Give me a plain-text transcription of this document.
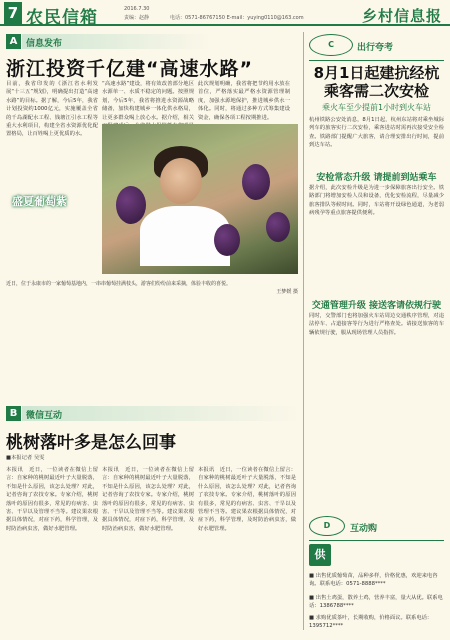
7 农民信箱	2016.7.30
责编：赵静	电话：0571-86767150 E-mail：yuying0110@163.com	乡村信息报
A 信息发布
浙江投资千亿建“高速水路”
目前，我省印发的《浙江省水利发展“十三五”规划》，明确提出打造“高速水路”的目标。据了解，今后5年，我省计划投资约1000亿元，实施覆盖全省的千岛湖配水工程、钱塘江引水工程等重大水利项目，构建全省水资源优化配置格局，让百姓喝上更优质的水。
“高速水路”建设，将有效改善部分地区水源单一、水质不稳定的问题。按照规划，今后5年，我省将推进水资源战略储备，加快构建城乡一体化供水格局，让更多群众喝上放心水。据介绍，相关
此次规划明确，我省将把节约用水放在首位，严格落实最严格水资源管理制度，加强水源地保护，推进城乡供水一体化。同时，将通过多种方式筹集建设资金，确保各项工程按期推进。
盛夏葡萄紫
近日，位于永康市的一家葡萄基地内，一串串葡萄挂满枝头，游客们纷纷前来采摘，体验丰收的喜悦。
王梦媛 摄
C	出行夸考
8月1日起建抗经杭乘客需二次安检
乘火车至少提前1小时到火车站
杭州铁路公安处消息，8月1日起，杭州东站将对乘坐城际列车的旅客实行二次安检，乘客进站时需再次接受安全检查。铁路部门提醒广大旅客，请合理安排出行时间，提前到达车站。
安检常态升级 请提前到站乘车
据介绍，此次安检升级是为进一步保障旅客出行安全。铁路部门将增加安检人员和设备，优化安检流程，尽量减少旅客排队等候时间。同时，车站将开设绿色通道，为老弱病残孕等重点旅客提供便利。
交通管理升级 接送客请依规行驶
同时，交警部门也将加强火车站周边交通秩序管理，对违法停车、占道接客等行为进行严格查处。请接送旅客的车辆依规行驶，服从现场管理人员指挥。
B 微信互动
桃树落叶多是怎么回事
■本报记者 吴雯
本报讯　近日，一位读者在微信上留言：自家种的桃树最近叶子大量脱落，不知是什么原因，该怎么处理？对此，记者咨询了农技专家。专家介绍，桃树落叶的原因有很多，常见的有病害、虫害、干旱以及管理不当等。建议果农根据具体情况，对症下药，科学管理，及时防治病虫害，做好水肥管理。
本报讯　近日，一位读者在微信上留言：自家种的桃树最近叶子大量脱落，不知是什么原因，该怎么处理？对此，记者咨询了农技专家。专家介绍，桃树落叶的原因有很多，常见的有病害、虫害、干旱以及管理不当等。建议果农根据具体情况，对症下药，科学管理，及时防治病虫害，做好水肥管理。
本报讯　近日，一位读者在微信上留言：自家种的桃树最近叶子大量脱落，不知是什么原因，该怎么处理？对此，记者咨询了农技专家。专家介绍，桃树落叶的原因有很多，常见的有病害、虫害、干旱以及管理不当等。建议果农根据具体情况，对症下药，科学管理，及时防治病虫害，做好水肥管理。	D	互动购
供
■ 出售优质葡萄苗，品种多样，价格优惠，欢迎来电咨询。联系电话：0571-8888****
■ 出售土鸡蛋，散养土鸡，营养丰富，量大从优。联系电话：1386788****
■ 求购优质茶叶，长期收购，价格面议。联系电话：1395712****
